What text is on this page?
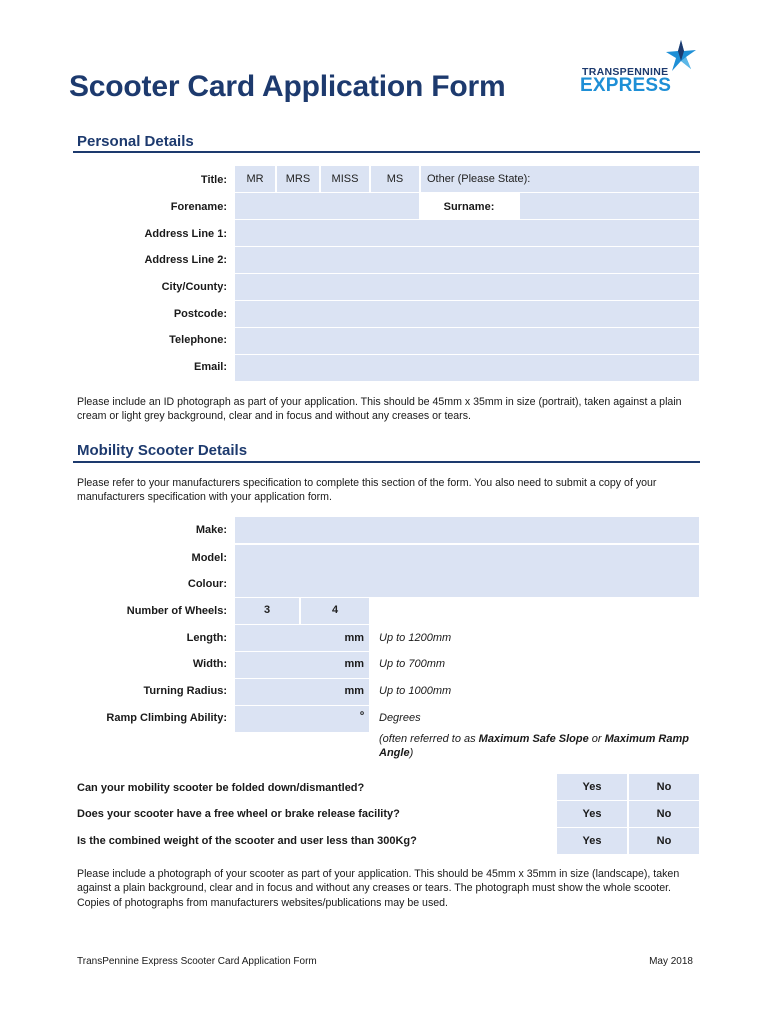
Scooter Card Application Form	TRANSPENNINE
EXPRESS
Personal Details
Title:	MR	MRS	MISS	MS	Other (Please State):
Forename:	Surname:
Address Line 1:
Address Line 2:
City/County:
Postcode:
Telephone:
Email:
Please include an ID photograph as part of your application. This should be 45mm x 35mm in size (portrait), taken against a plain cream or light grey background, clear and in focus and without any creases or tears.
Mobility Scooter Details
Please refer to your manufacturers specification to complete this section of the form. You also need to submit a copy of your manufacturers specification with your application form.
Make:
Model:
Colour:
Number of Wheels:	3	4
Length:	mm Up to 1200mm
Width:	mm Up to 700mm
Turning Radius:	mm Up to 1000mm
Ramp Climbing Ability:	º Degrees
(often referred to as Maximum Safe Slope or Maximum Ramp Angle)
Can your mobility scooter be folded down/dismantled?	Yes	No
Does your scooter have a free wheel or brake release facility?	Yes	No
Is the combined weight of the scooter and user less than 300Kg?	Yes	No
Please include a photograph of your scooter as part of your application. This should be 45mm x 35mm in size (landscape), taken against a plain background, clear and in focus and without any creases or tears. The photograph must show the whole scooter. Copies of photographs from manufacturers websites/publications may be used.
TransPennine Express Scooter Card Application Form	May 2018
